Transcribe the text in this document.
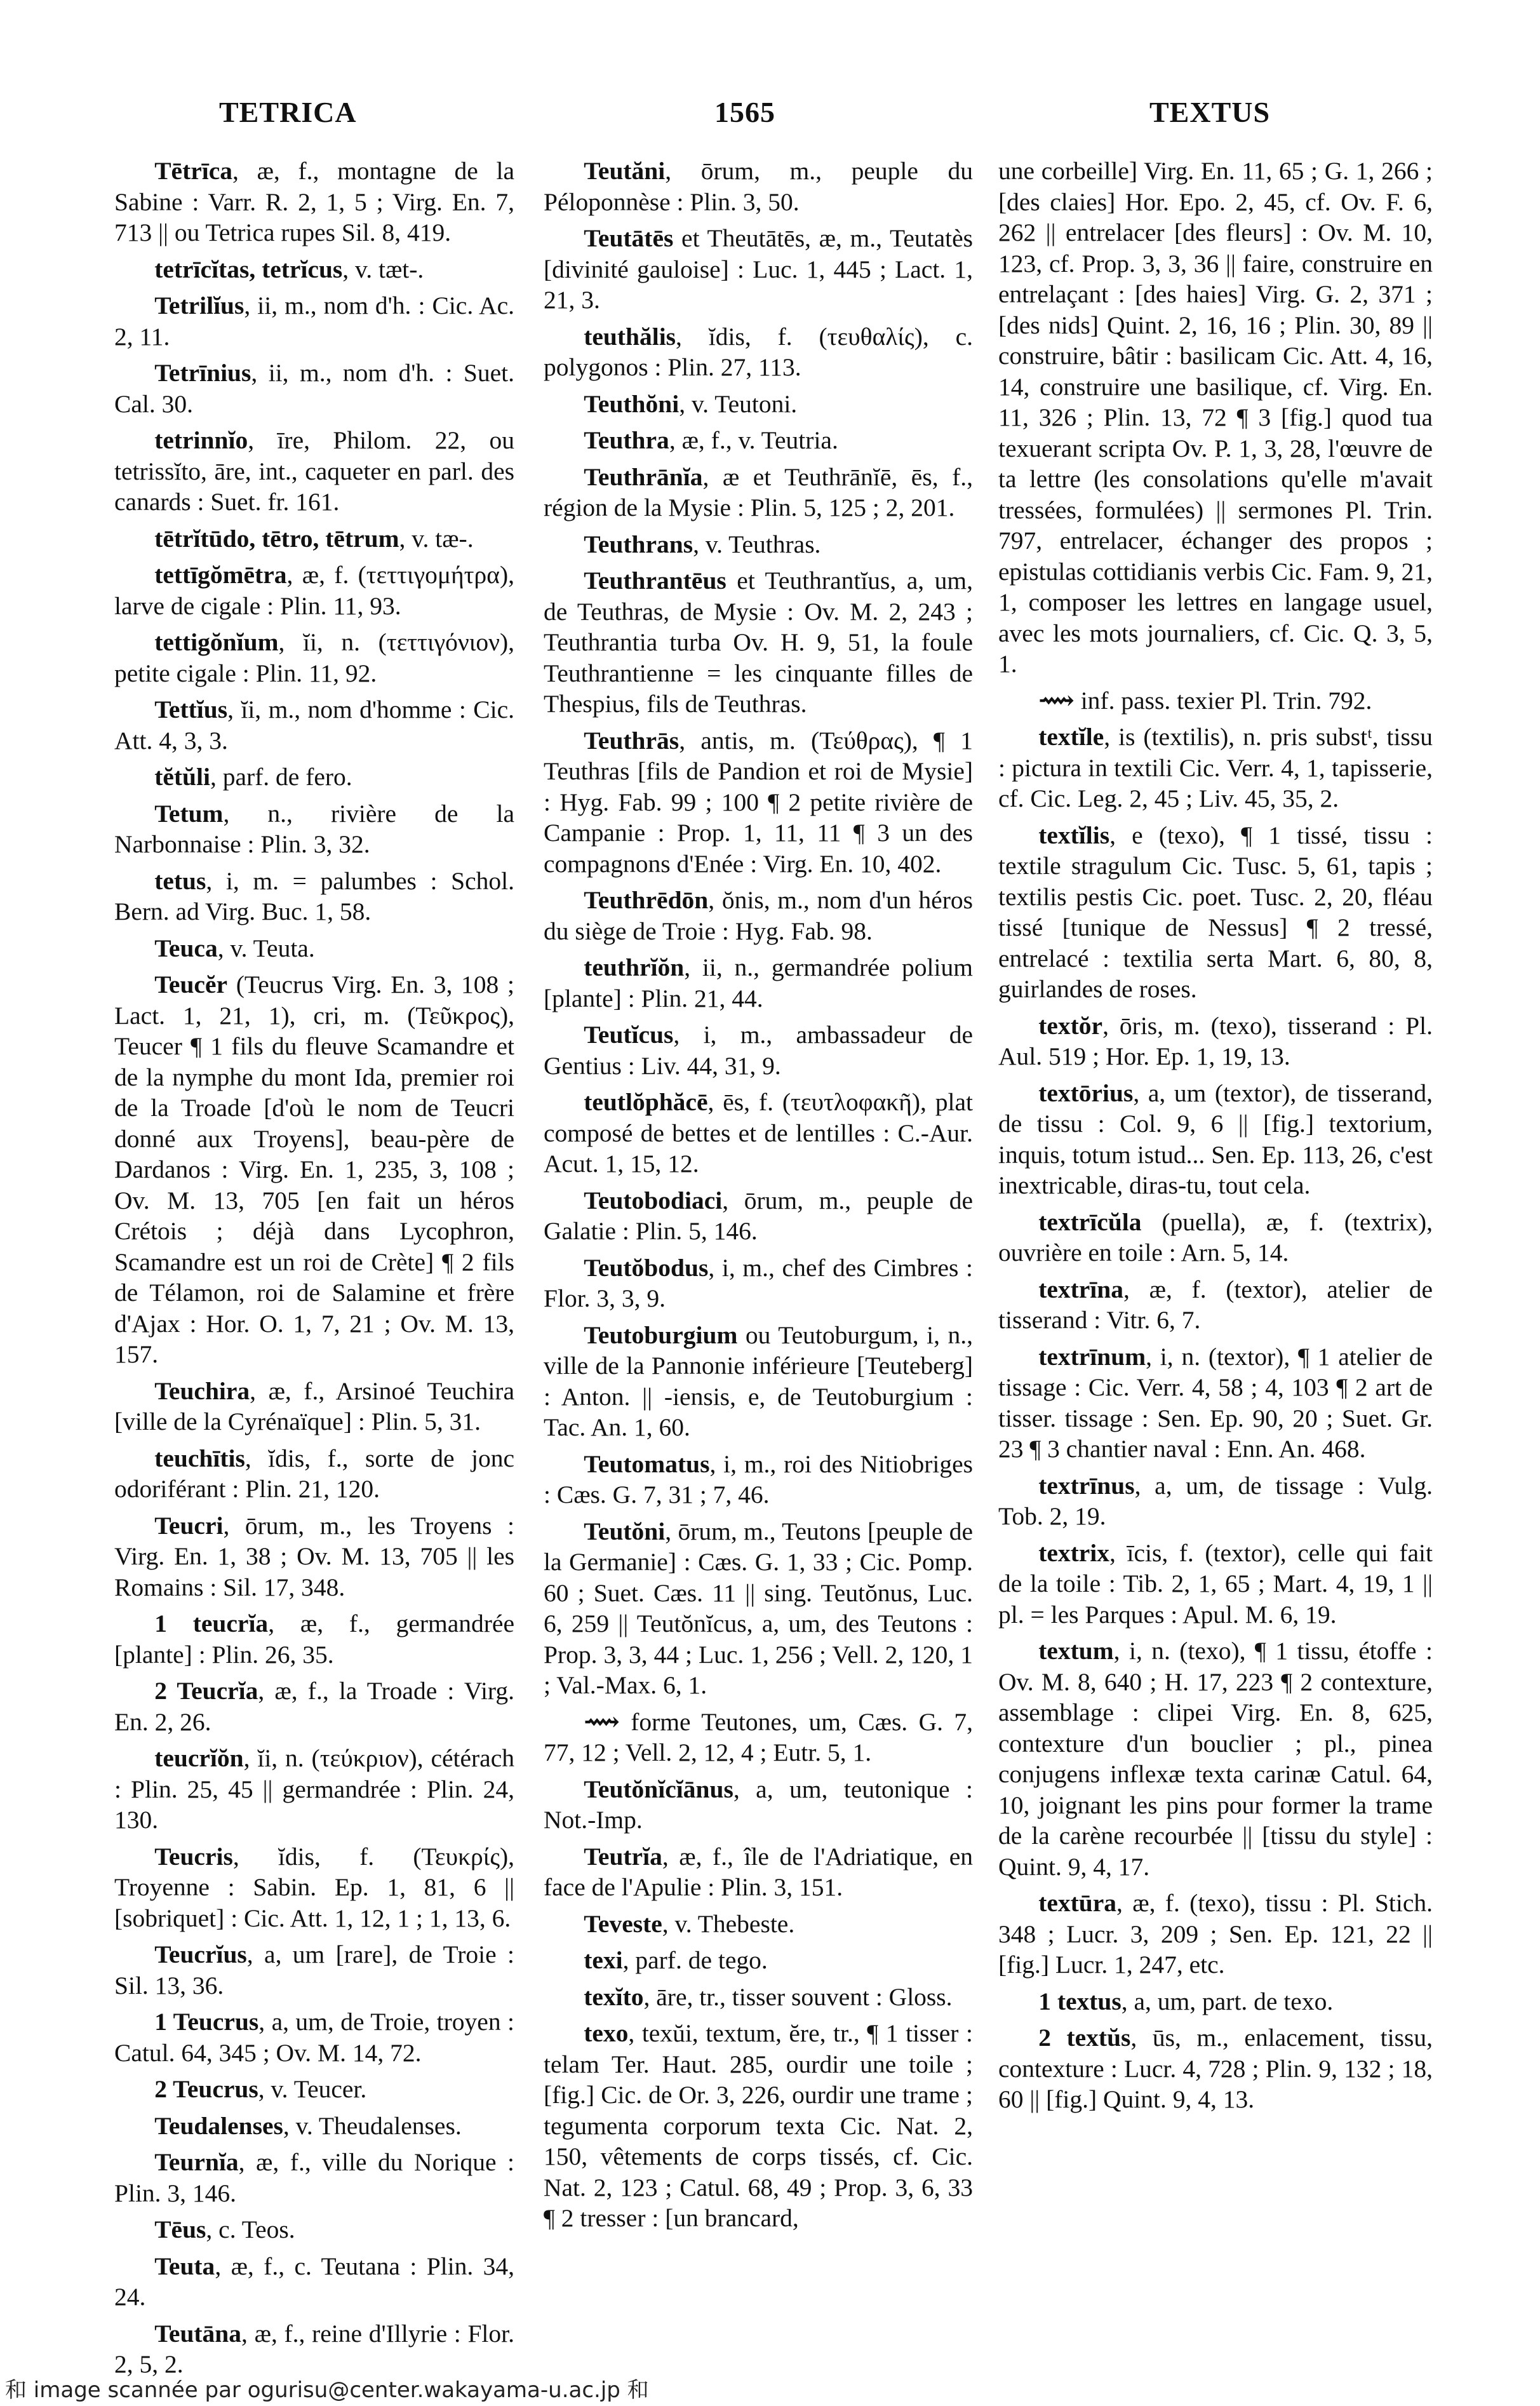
TETRICA	1565	TEXTUS

Tētrīca, æ, f., montagne de la Sabine : Varr. R. 2, 1, 5 ; Virg. En. 7, 713 || ou Tetrica rupes Sil. 8, 419.

tetrīcĭtas, tetrĭcus, v. tæt-.

Tetrilĭus, ii, m., nom d'h. : Cic. Ac. 2, 11.

Tetrīnius, ii, m., nom d'h. : Suet. Cal. 30.

tetrinnĭo, īre, Philom. 22, ou tetrissĭto, āre, int., caqueter en parl. des canards : Suet. fr. 161.

tētrĭtūdo, tētro, tētrum, v. tæ-.

tettīgŏmētra, æ, f. (τεττιγομήτρα), larve de cigale : Plin. 11, 93.

tettigŏnĭum, ĭi, n. (τεττιγόνιον), petite cigale : Plin. 11, 92.

Tettĭus, ĭi, m., nom d'homme : Cic. Att. 4, 3, 3.

tĕtŭli, parf. de fero.

Tetum, n., rivière de la Narbonnaise : Plin. 3, 32.

tetus, i, m. = palumbes : Schol. Bern. ad Virg. Buc. 1, 58.

Teuca, v. Teuta.

Teucĕr (Teucrus Virg. En. 3, 108 ; Lact. 1, 21, 1), cri, m. (Τεῦκρος), Teucer ¶ 1 fils du fleuve Scamandre et de la nymphe du mont Ida, premier roi de la Troade [d'où le nom de Teucri donné aux Troyens], beau-père de Dardanos : Virg. En. 1, 235, 3, 108 ; Ov. M. 13, 705 [en fait un héros Crétois ; déjà dans Lycophron, Scamandre est un roi de Crète] ¶ 2 fils de Télamon, roi de Salamine et frère d'Ajax : Hor. O. 1, 7, 21 ; Ov. M. 13, 157.

Teuchira, æ, f., Arsinoé Teuchira [ville de la Cyrénaïque] : Plin. 5, 31.

teuchītis, ĭdis, f., sorte de jonc odoriférant : Plin. 21, 120.

Teucri, ōrum, m., les Troyens : Virg. En. 1, 38 ; Ov. M. 13, 705 || les Romains : Sil. 17, 348.

1 teucrĭa, æ, f., germandrée [plante] : Plin. 26, 35.

2 Teucrĭa, æ, f., la Troade : Virg. En. 2, 26.

teucrĭŏn, ĭi, n. (τεύκριον), cétérach : Plin. 25, 45 || germandrée : Plin. 24, 130.

Teucris, ĭdis, f. (Τευκρίς), Troyenne : Sabin. Ep. 1, 81, 6 || [sobriquet] : Cic. Att. 1, 12, 1 ; 1, 13, 6.

Teucrĭus, a, um [rare], de Troie : Sil. 13, 36.

1 Teucrus, a, um, de Troie, troyen : Catul. 64, 345 ; Ov. M. 14, 72.

2 Teucrus, v. Teucer.

Teudalenses, v. Theudalenses.

Teurnĭa, æ, f., ville du Norique : Plin. 3, 146.

Tēus, c. Teos.

Teuta, æ, f., c. Teutana : Plin. 34, 24.

Teutāna, æ, f., reine d'Illyrie : Flor. 2, 5, 2.

Teutăni, ōrum, m., peuple du Péloponnèse : Plin. 3, 50.

Teutātēs et Theutātēs, æ, m., Teutatès [divinité gauloise] : Luc. 1, 445 ; Lact. 1, 21, 3.

teuthălis, ĭdis, f. (τευθαλίς), c. polygonos : Plin. 27, 113.

Teuthŏni, v. Teutoni.

Teuthra, æ, f., v. Teutria.

Teuthrānĭa, æ et Teuthrānĭē, ēs, f., région de la Mysie : Plin. 5, 125 ; 2, 201.

Teuthrans, v. Teuthras.

Teuthrantēus et Teuthrantĭus, a, um, de Teuthras, de Mysie : Ov. M. 2, 243 ; Teuthrantia turba Ov. H. 9, 51, la foule Teuthrantienne = les cinquante filles de Thespius, fils de Teuthras.

Teuthrās, antis, m. (Τεύθρας), ¶ 1 Teuthras [fils de Pandion et roi de Mysie] : Hyg. Fab. 99 ; 100 ¶ 2 petite rivière de Campanie : Prop. 1, 11, 11 ¶ 3 un des compagnons d'Enée : Virg. En. 10, 402.

Teuthrēdōn, ŏnis, m., nom d'un héros du siège de Troie : Hyg. Fab. 98.

teuthrĭŏn, ii, n., germandrée polium [plante] : Plin. 21, 44.

Teutĭcus, i, m., ambassadeur de Gentius : Liv. 44, 31, 9.

teutlŏphăcē, ēs, f. (τευτλοφακῆ), plat composé de bettes et de lentilles : C.-Aur. Acut. 1, 15, 12.

Teutobodiaci, ōrum, m., peuple de Galatie : Plin. 5, 146.

Teutŏbodus, i, m., chef des Cimbres : Flor. 3, 3, 9.

Teutoburgium ou Teutoburgum, i, n., ville de la Pannonie inférieure [Teuteberg] : Anton. || -iensis, e, de Teutoburgium : Tac. An. 1, 60.

Teutomatus, i, m., roi des Nitiobriges : Cæs. G. 7, 31 ; 7, 46.

Teutŏni, ōrum, m., Teutons [peuple de la Germanie] : Cæs. G. 1, 33 ; Cic. Pomp. 60 ; Suet. Cæs. 11 || sing. Teutŏnus, Luc. 6, 259 || Teutŏnĭcus, a, um, des Teutons : Prop. 3, 3, 44 ; Luc. 1, 256 ; Vell. 2, 120, 1 ; Val.-Max. 6, 1.

⟿ forme Teutones, um, Cæs. G. 7, 77, 12 ; Vell. 2, 12, 4 ; Eutr. 5, 1.

Teutŏnĭcĭānus, a, um, teutonique : Not.-Imp.

Teutrĭa, æ, f., île de l'Adriatique, en face de l'Apulie : Plin. 3, 151.

Teveste, v. Thebeste.

texi, parf. de tego.

texĭto, āre, tr., tisser souvent : Gloss.

texo, texŭi, textum, ĕre, tr., ¶ 1 tisser : telam Ter. Haut. 285, ourdir une toile ; [fig.] Cic. de Or. 3, 226, ourdir une trame ; tegumenta corporum texta Cic. Nat. 2, 150, vêtements de corps tissés, cf. Cic. Nat. 2, 123 ; Catul. 68, 49 ; Prop. 3, 6, 33 ¶ 2 tresser : [un brancard,

une corbeille] Virg. En. 11, 65 ; G. 1, 266 ; [des claies] Hor. Epo. 2, 45, cf. Ov. F. 6, 262 || entrelacer [des fleurs] : Ov. M. 10, 123, cf. Prop. 3, 3, 36 || faire, construire en entrelaçant : [des haies] Virg. G. 2, 371 ; [des nids] Quint. 2, 16, 16 ; Plin. 30, 89 || construire, bâtir : basilicam Cic. Att. 4, 16, 14, construire une basilique, cf. Virg. En. 11, 326 ; Plin. 13, 72 ¶ 3 [fig.] quod tua texuerant scripta Ov. P. 1, 3, 28, l'œuvre de ta lettre (les consolations qu'elle m'avait tressées, formulées) || sermones Pl. Trin. 797, entrelacer, échanger des propos ; epistulas cottidianis verbis Cic. Fam. 9, 21, 1, composer les lettres en langage usuel, avec les mots journaliers, cf. Cic. Q. 3, 5, 1.

⟿ inf. pass. texier Pl. Trin. 792.

textĭle, is (textilis), n. pris substᵗ, tissu : pictura in textili Cic. Verr. 4, 1, tapisserie, cf. Cic. Leg. 2, 45 ; Liv. 45, 35, 2.

textĭlis, e (texo), ¶ 1 tissé, tissu : textile stragulum Cic. Tusc. 5, 61, tapis ; textilis pestis Cic. poet. Tusc. 2, 20, fléau tissé [tunique de Nessus] ¶ 2 tressé, entrelacé : textilia serta Mart. 6, 80, 8, guirlandes de roses.

textŏr, ōris, m. (texo), tisserand : Pl. Aul. 519 ; Hor. Ep. 1, 19, 13.

textōrius, a, um (textor), de tisserand, de tissu : Col. 9, 6 || [fig.] textorium, inquis, totum istud... Sen. Ep. 113, 26, c'est inextricable, diras-tu, tout cela.

textrīcŭla (puella), æ, f. (textrix), ouvrière en toile : Arn. 5, 14.

textrīna, æ, f. (textor), atelier de tisserand : Vitr. 6, 7.

textrīnum, i, n. (textor), ¶ 1 atelier de tissage : Cic. Verr. 4, 58 ; 4, 103 ¶ 2 art de tisser. tissage : Sen. Ep. 90, 20 ; Suet. Gr. 23 ¶ 3 chantier naval : Enn. An. 468.

textrīnus, a, um, de tissage : Vulg. Tob. 2, 19.

textrix, īcis, f. (textor), celle qui fait de la toile : Tib. 2, 1, 65 ; Mart. 4, 19, 1 || pl. = les Parques : Apul. M. 6, 19.

textum, i, n. (texo), ¶ 1 tissu, étoffe : Ov. M. 8, 640 ; H. 17, 223 ¶ 2 contexture, assemblage : clipei Virg. En. 8, 625, contexture d'un bouclier ; pl., pinea conjugens inflexæ texta carinæ Catul. 64, 10, joignant les pins pour former la trame de la carène recourbée || [tissu du style] : Quint. 9, 4, 17.

textūra, æ, f. (texo), tissu : Pl. Stich. 348 ; Lucr. 3, 209 ; Sen. Ep. 121, 22 || [fig.] Lucr. 1, 247, etc.

1 textus, a, um, part. de texo.

2 textŭs, ūs, m., enlacement, tissu, contexture : Lucr. 4, 728 ; Plin. 9, 132 ; 18, 60 || [fig.] Quint. 9, 4, 13.

和 image scannée par ogurisu@center.wakayama-u.ac.jp 和
